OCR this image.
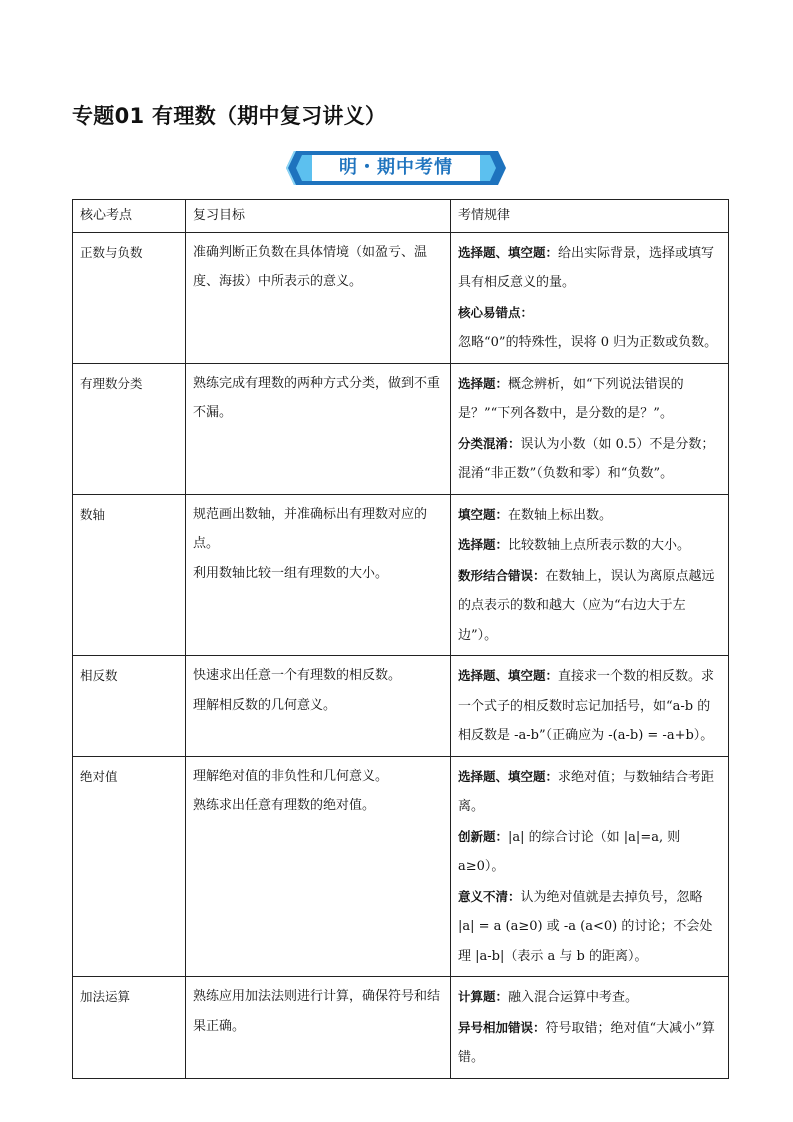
专题01 有理数（期中复习讲义）
明・期中考情
核心考点	复习目标	考情规律
正数与负数	准确判断正负数在具体情境（如盈亏、温度、海拔）中所表示的意义。	选择题、填空题：给出实际背景，选择或填写具有相反意义的量。
核心易错点：
忽略“0”的特殊性，误将 0 归为正数或负数。

有理数分类	熟练完成有理数的两种方式分类，做到不重不漏。	选择题：概念辨析，如“下列说法错误的是？”“下列各数中，是分数的是？”。
分类混淆：误认为小数（如 0.5）不是分数；混淆“非正数”（负数和零）和“负数”。

数轴	规范画出数轴，并准确标出有理数对应的点。
利用数轴比较一组有理数的大小。	填空题：在数轴上标出数。
选择题：比较数轴上点所表示数的大小。
数形结合错误：在数轴上，误认为离原点越远的点表示的数和越大（应为“右边大于左边”）。

相反数	快速求出任意一个有理数的相反数。
理解相反数的几何意义。	选择题、填空题：直接求一个数的相反数。求一个式子的相反数时忘记加括号，如“a-b 的相反数是 -a-b”（正确应为 -(a-b) = -a+b）。

绝对值	理解绝对值的非负性和几何意义。
熟练求出任意有理数的绝对值。	选择题、填空题：求绝对值；与数轴结合考距离。
创新题：|a| 的综合讨论（如 |a|=a, 则 a≥0）。
意义不清：认为绝对值就是去掉负号，忽略 |a| = a (a≥0) 或 -a (a<0) 的讨论；不会处理 |a-b|（表示 a 与 b 的距离）。

加法运算	熟练应用加法法则进行计算，确保符号和结果正确。	计算题：融入混合运算中考查。
异号相加错误：符号取错；绝对值“大减小”算错。
